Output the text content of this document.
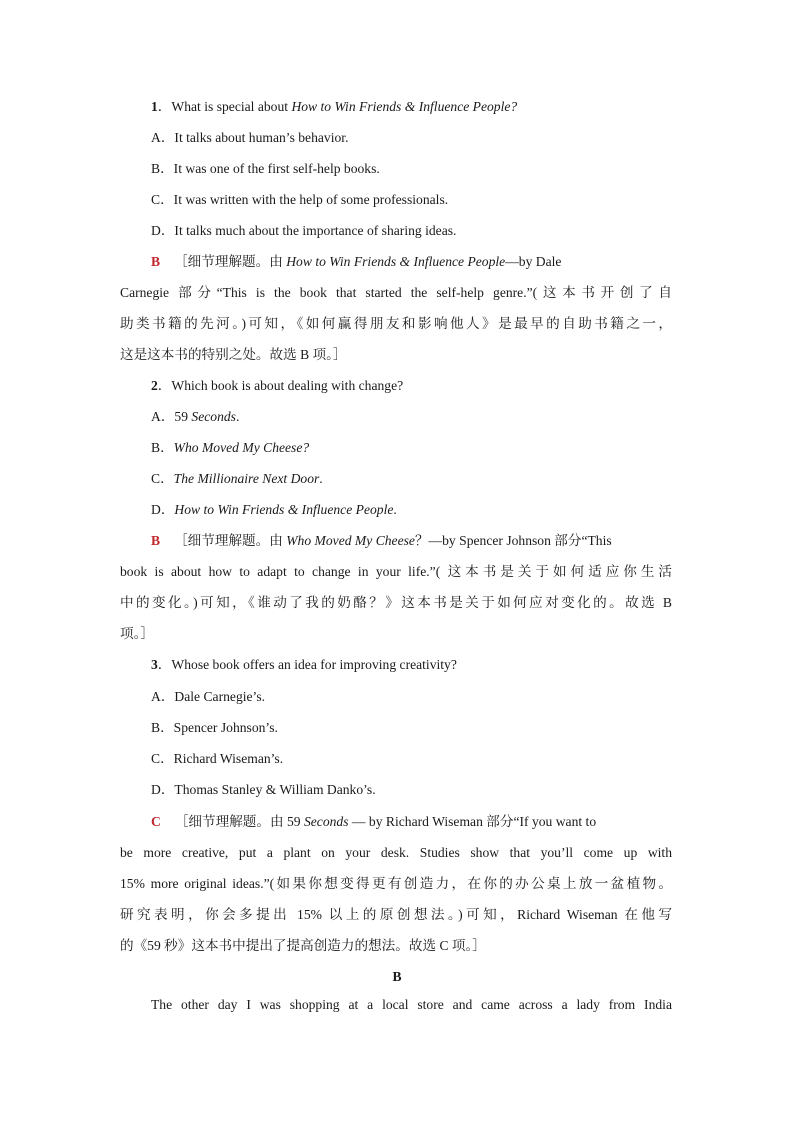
1．What is special about How to Win Friends & Influence People?
A．It talks about human’s behavior.
B．It was one of the first self-help books.
C．It was written with the help of some professionals.
D．It talks much about the importance of sharing ideas.
B ［细节理解题。由 How to Win Friends & Influence People—by Dale
Carnegie 部分“This is the book that started the self-help genre.”(这本书开创了自
助类书籍的先河。)可知，《如何赢得朋友和影响他人》是最早的自助书籍之一，
这是这本书的特别之处。故选 B 项。］
2．Which book is about dealing with change?
A．59 Seconds.
B．Who Moved My Cheese?
C．The Millionaire Next Door.
D．How to Win Friends & Influence People.
B ［细节理解题。由 Who Moved My Cheese？—by Spencer Johnson 部分“This
book is about how to adapt to change in your life.”( 这本书是关于如何适应你生活
中的变化。)可知，《谁动了我的奶酪？》这本书是关于如何应对变化的。故选 B
项。］
3．Whose book offers an idea for improving creativity?
A．Dale Carnegie’s.
B．Spencer Johnson’s.
C．Richard Wiseman’s.
D．Thomas Stanley & William Danko’s.
C ［细节理解题。由 59 Seconds — by Richard Wiseman 部分“If you want to
be more creative, put a plant on your desk. Studies show that you’ll come up with
15% more original ideas.”(如果你想变得更有创造力，在你的办公桌上放一盆植物。
研究表明，你会多提出 15% 以上的原创想法。)可知，Richard Wiseman 在他写
的《59 秒》这本书中提出了提高创造力的想法。故选 C 项。］
B
The other day I was shopping at a local store and came across a lady from India
